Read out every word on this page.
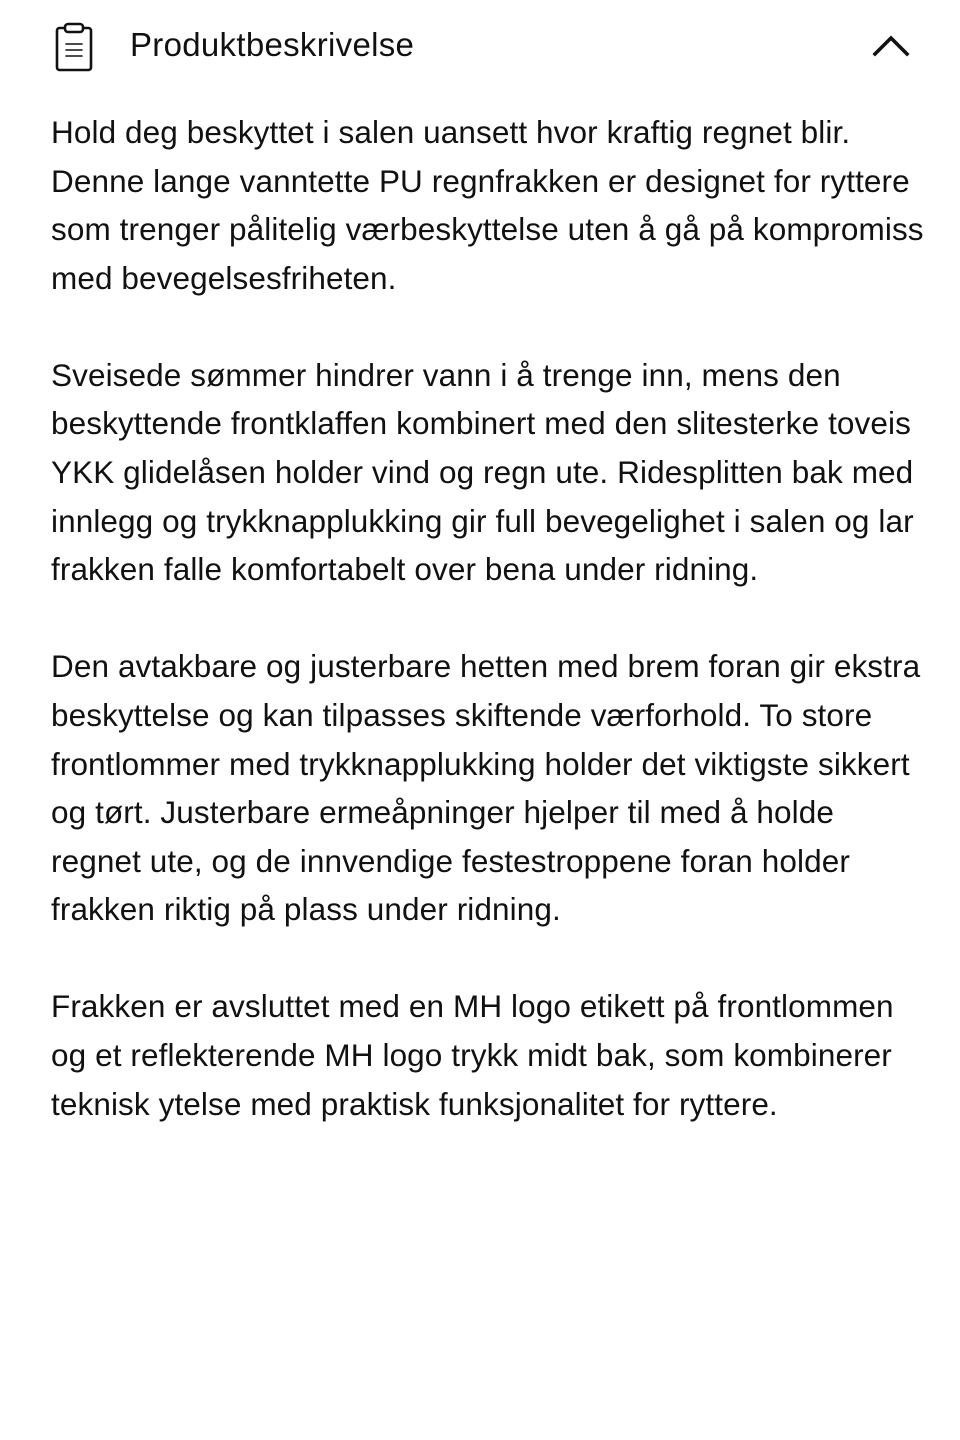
Produktbeskrivelse

Hold deg beskyttet i salen uansett hvor kraftig regnet blir. Denne lange vanntette PU regnfrakken er designet for ryttere som trenger pålitelig værbeskyttelse uten å gå på kompromiss med bevegelsesfriheten.

Sveisede sømmer hindrer vann i å trenge inn, mens den beskyttende frontklaffen kombinert med den slitesterke toveis YKK glidelåsen holder vind og regn ute. Ridesplitten bak med innlegg og trykknapplukking gir full bevegelighet i salen og lar frakken falle komfortabelt over bena under ridning.

Den avtakbare og justerbare hetten med brem foran gir ekstra beskyttelse og kan tilpasses skiftende værforhold. To store frontlommer med trykknapplukking holder det viktigste sikkert og tørt. Justerbare ermeåpninger hjelper til med å holde regnet ute, og de innvendige festestroppene foran holder frakken riktig på plass under ridning.

Frakken er avsluttet med en MH logo etikett på frontlommen og et reflekterende MH logo trykk midt bak, som kombinerer teknisk ytelse med praktisk funksjonalitet for ryttere.
